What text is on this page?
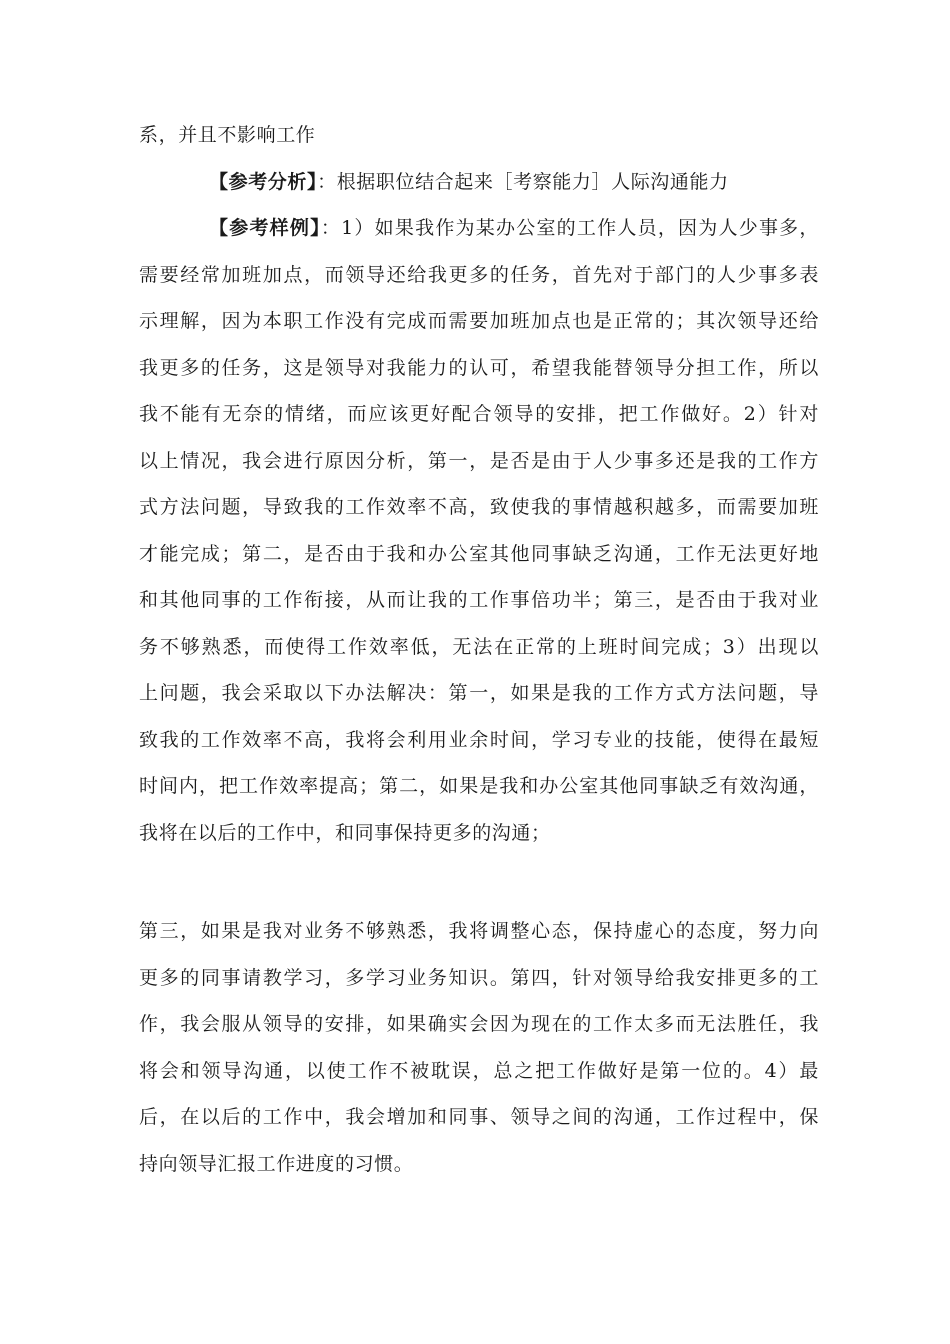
系，并且不影响工作
【参考分析】：根据职位结合起来［考察能力］人际沟通能力
【参考样例】：1）如果我作为某办公室的工作人员，因为人少事多，
需要经常加班加点，而领导还给我更多的任务，首先对于部门的人少事多表
示理解，因为本职工作没有完成而需要加班加点也是正常的；其次领导还给
我更多的任务，这是领导对我能力的认可，希望我能替领导分担工作，所以
我不能有无奈的情绪，而应该更好配合领导的安排，把工作做好。2）针对
以上情况，我会进行原因分析，第一，是否是由于人少事多还是我的工作方
式方法问题，导致我的工作效率不高，致使我的事情越积越多，而需要加班
才能完成；第二，是否由于我和办公室其他同事缺乏沟通，工作无法更好地
和其他同事的工作衔接，从而让我的工作事倍功半；第三，是否由于我对业
务不够熟悉，而使得工作效率低，无法在正常的上班时间完成；3）出现以
上问题，我会采取以下办法解决：第一，如果是我的工作方式方法问题，导
致我的工作效率不高，我将会利用业余时间，学习专业的技能，使得在最短
时间内，把工作效率提高；第二，如果是我和办公室其他同事缺乏有效沟通，
我将在以后的工作中，和同事保持更多的沟通；
第三，如果是我对业务不够熟悉，我将调整心态，保持虚心的态度，努力向
更多的同事请教学习，多学习业务知识。第四，针对领导给我安排更多的工
作，我会服从领导的安排，如果确实会因为现在的工作太多而无法胜任，我
将会和领导沟通，以使工作不被耽误，总之把工作做好是第一位的。4）最
后，在以后的工作中，我会增加和同事、领导之间的沟通，工作过程中，保
持向领导汇报工作进度的习惯。
